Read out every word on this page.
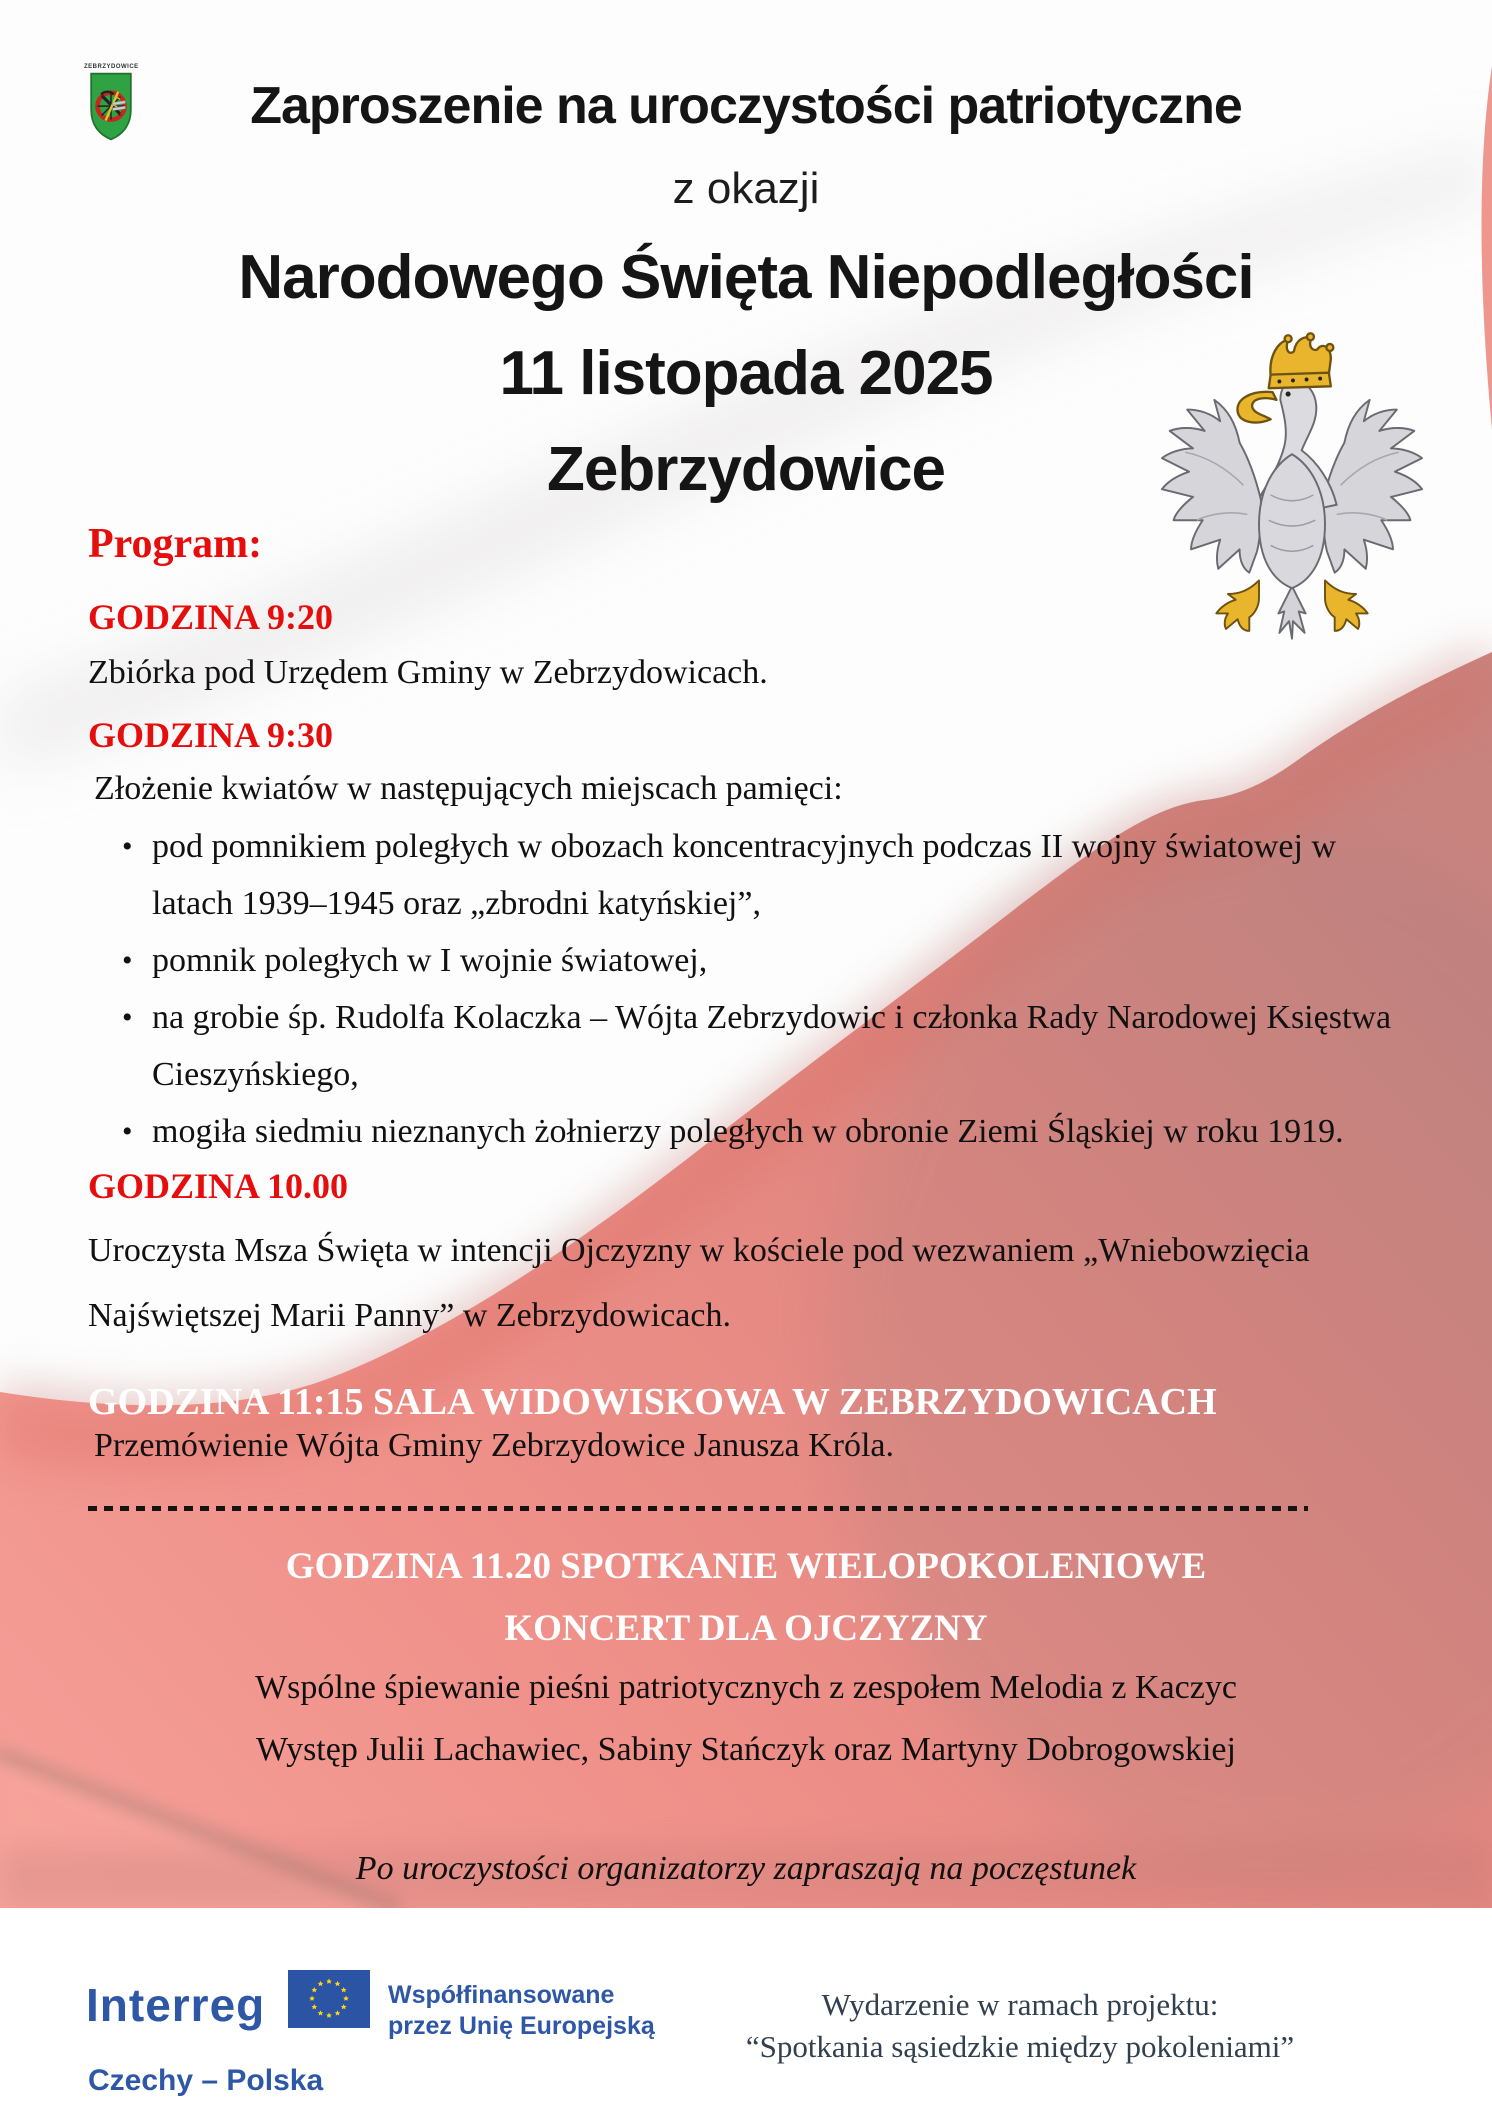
ZEBRZYDOWICE
Zaproszenie na uroczystości patriotyczne
z okazji
Narodowego Święta Niepodległości
11 listopada 2025
Zebrzydowice
Program:
GODZINA 9:20
Zbiórka pod Urzędem Gminy w Zebrzydowicach.
GODZINA 9:30
Złożenie kwiatów w następujących miejscach pamięci:
• pod pomnikiem poległych w obozach koncentracyjnych podczas II wojny światowej w latach 1939–1945 oraz „zbrodni katyńskiej”,
• pomnik poległych w I wojnie światowej,
• na grobie śp. Rudolfa Kolaczka – Wójta Zebrzydowic i członka Rady Narodowej Księstwa Cieszyńskiego,
• mogiła siedmiu nieznanych żołnierzy poległych w obronie Ziemi Śląskiej w roku 1919.
GODZINA 10.00
Uroczysta Msza Święta w intencji Ojczyzny w kościele pod wezwaniem „Wniebowzięcia Najświętszej Marii Panny” w Zebrzydowicach.
GODZINA 11:15 SALA WIDOWISKOWA W ZEBRZYDOWICACH
Przemówienie Wójta Gminy Zebrzydowice Janusza Króla.
GODZINA 11.20 SPOTKANIE WIELOPOKOLENIOWE
KONCERT DLA OJCZYZNY
Wspólne śpiewanie pieśni patriotycznych z zespołem Melodia z Kaczyc
Występ Julii Lachawiec, Sabiny Stańczyk oraz Martyny Dobrogowskiej
Po uroczystości organizatorzy zapraszają na poczęstunek
Interreg
Czechy – Polska
Współfinansowane
przez Unię Europejską
Wydarzenie w ramach projektu:
“Spotkania sąsiedzkie między pokoleniami”
